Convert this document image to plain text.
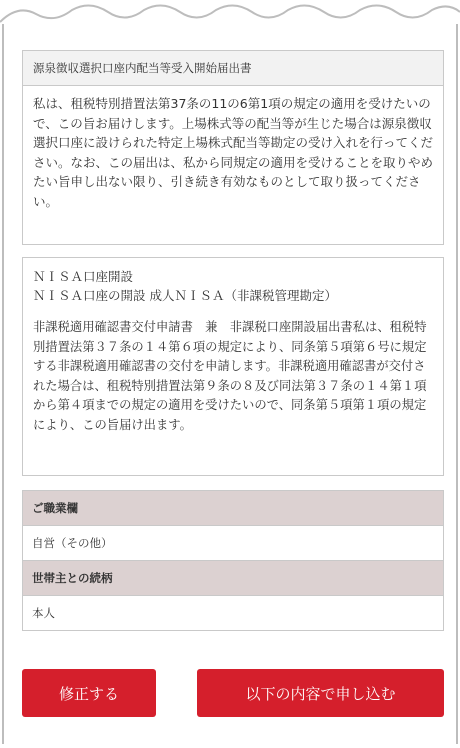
源泉徴収選択口座内配当等受入開始届出書
私は、租税特別措置法第37条の11の6第1項の規定の適用を受けたいので、この旨お届けします。上場株式等の配当等が生じた場合は源泉徴収選択口座に設けられた特定上場株式配当等勘定の受け入れを行ってください。なお、この届出は、私から同規定の適用を受けることを取りやめたい旨申し出ない限り、引き続き有効なものとして取り扱ってください。
ＮＩＳＡ口座開設
ＮＩＳＡ口座の開設 成人ＮＩＳＡ（非課税管理勘定）
非課税適用確認書交付申請書　兼　非課税口座開設届出書私は、租税特別措置法第３７条の１４第６項の規定により、同条第５項第６号に規定する非課税適用確認書の交付を申請します。非課税適用確認書が交付された場合は、租税特別措置法第９条の８及び同法第３７条の１４第１項から第４項までの規定の適用を受けたいので、同条第５項第１項の規定により、この旨届け出ます。
ご職業欄
自営（その他）
世帯主との続柄
本人
修正する	以下の内容で申し込む
